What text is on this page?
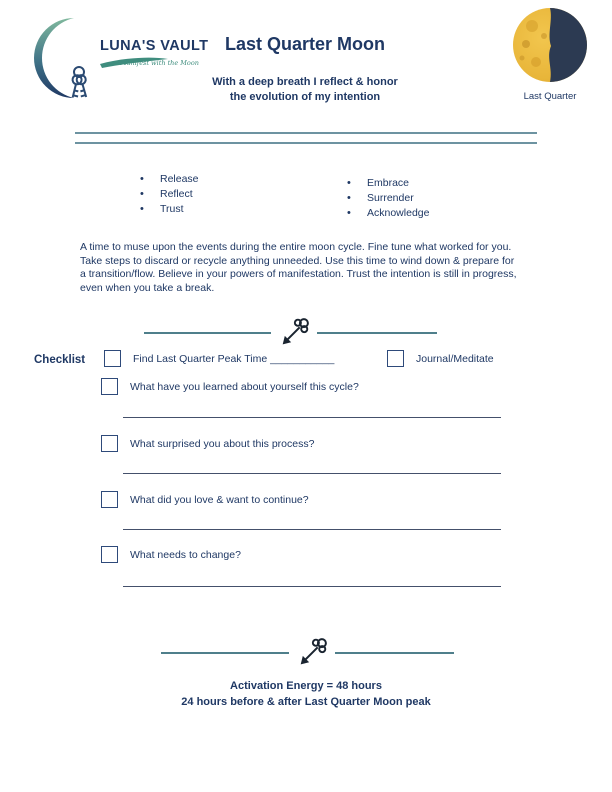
LUNA'S VAULT
Manifest with the Moon
Last Quarter Moon
With a deep breath I reflect & honor
the evolution of my intention	Last Quarter
• Release
• Reflect
• Trust
• Embrace
• Surrender
• Acknowledge

A time to muse upon the events during the entire moon cycle. Fine tune what worked for you. Take steps to discard or recycle anything unneeded. Use this time to wind down & prepare for a transition/flow. Believe in your powers of manifestation. Trust the intention is still in progress, even when you take a break.

Checklist	Find Last Quarter Peak Time ___________	Journal/Meditate
What have you learned about yourself this cycle?
What surprised you about this process?
What did you love & want to continue?
What needs to change?
Activation Energy = 48 hours
24 hours before & after Last Quarter Moon peak
